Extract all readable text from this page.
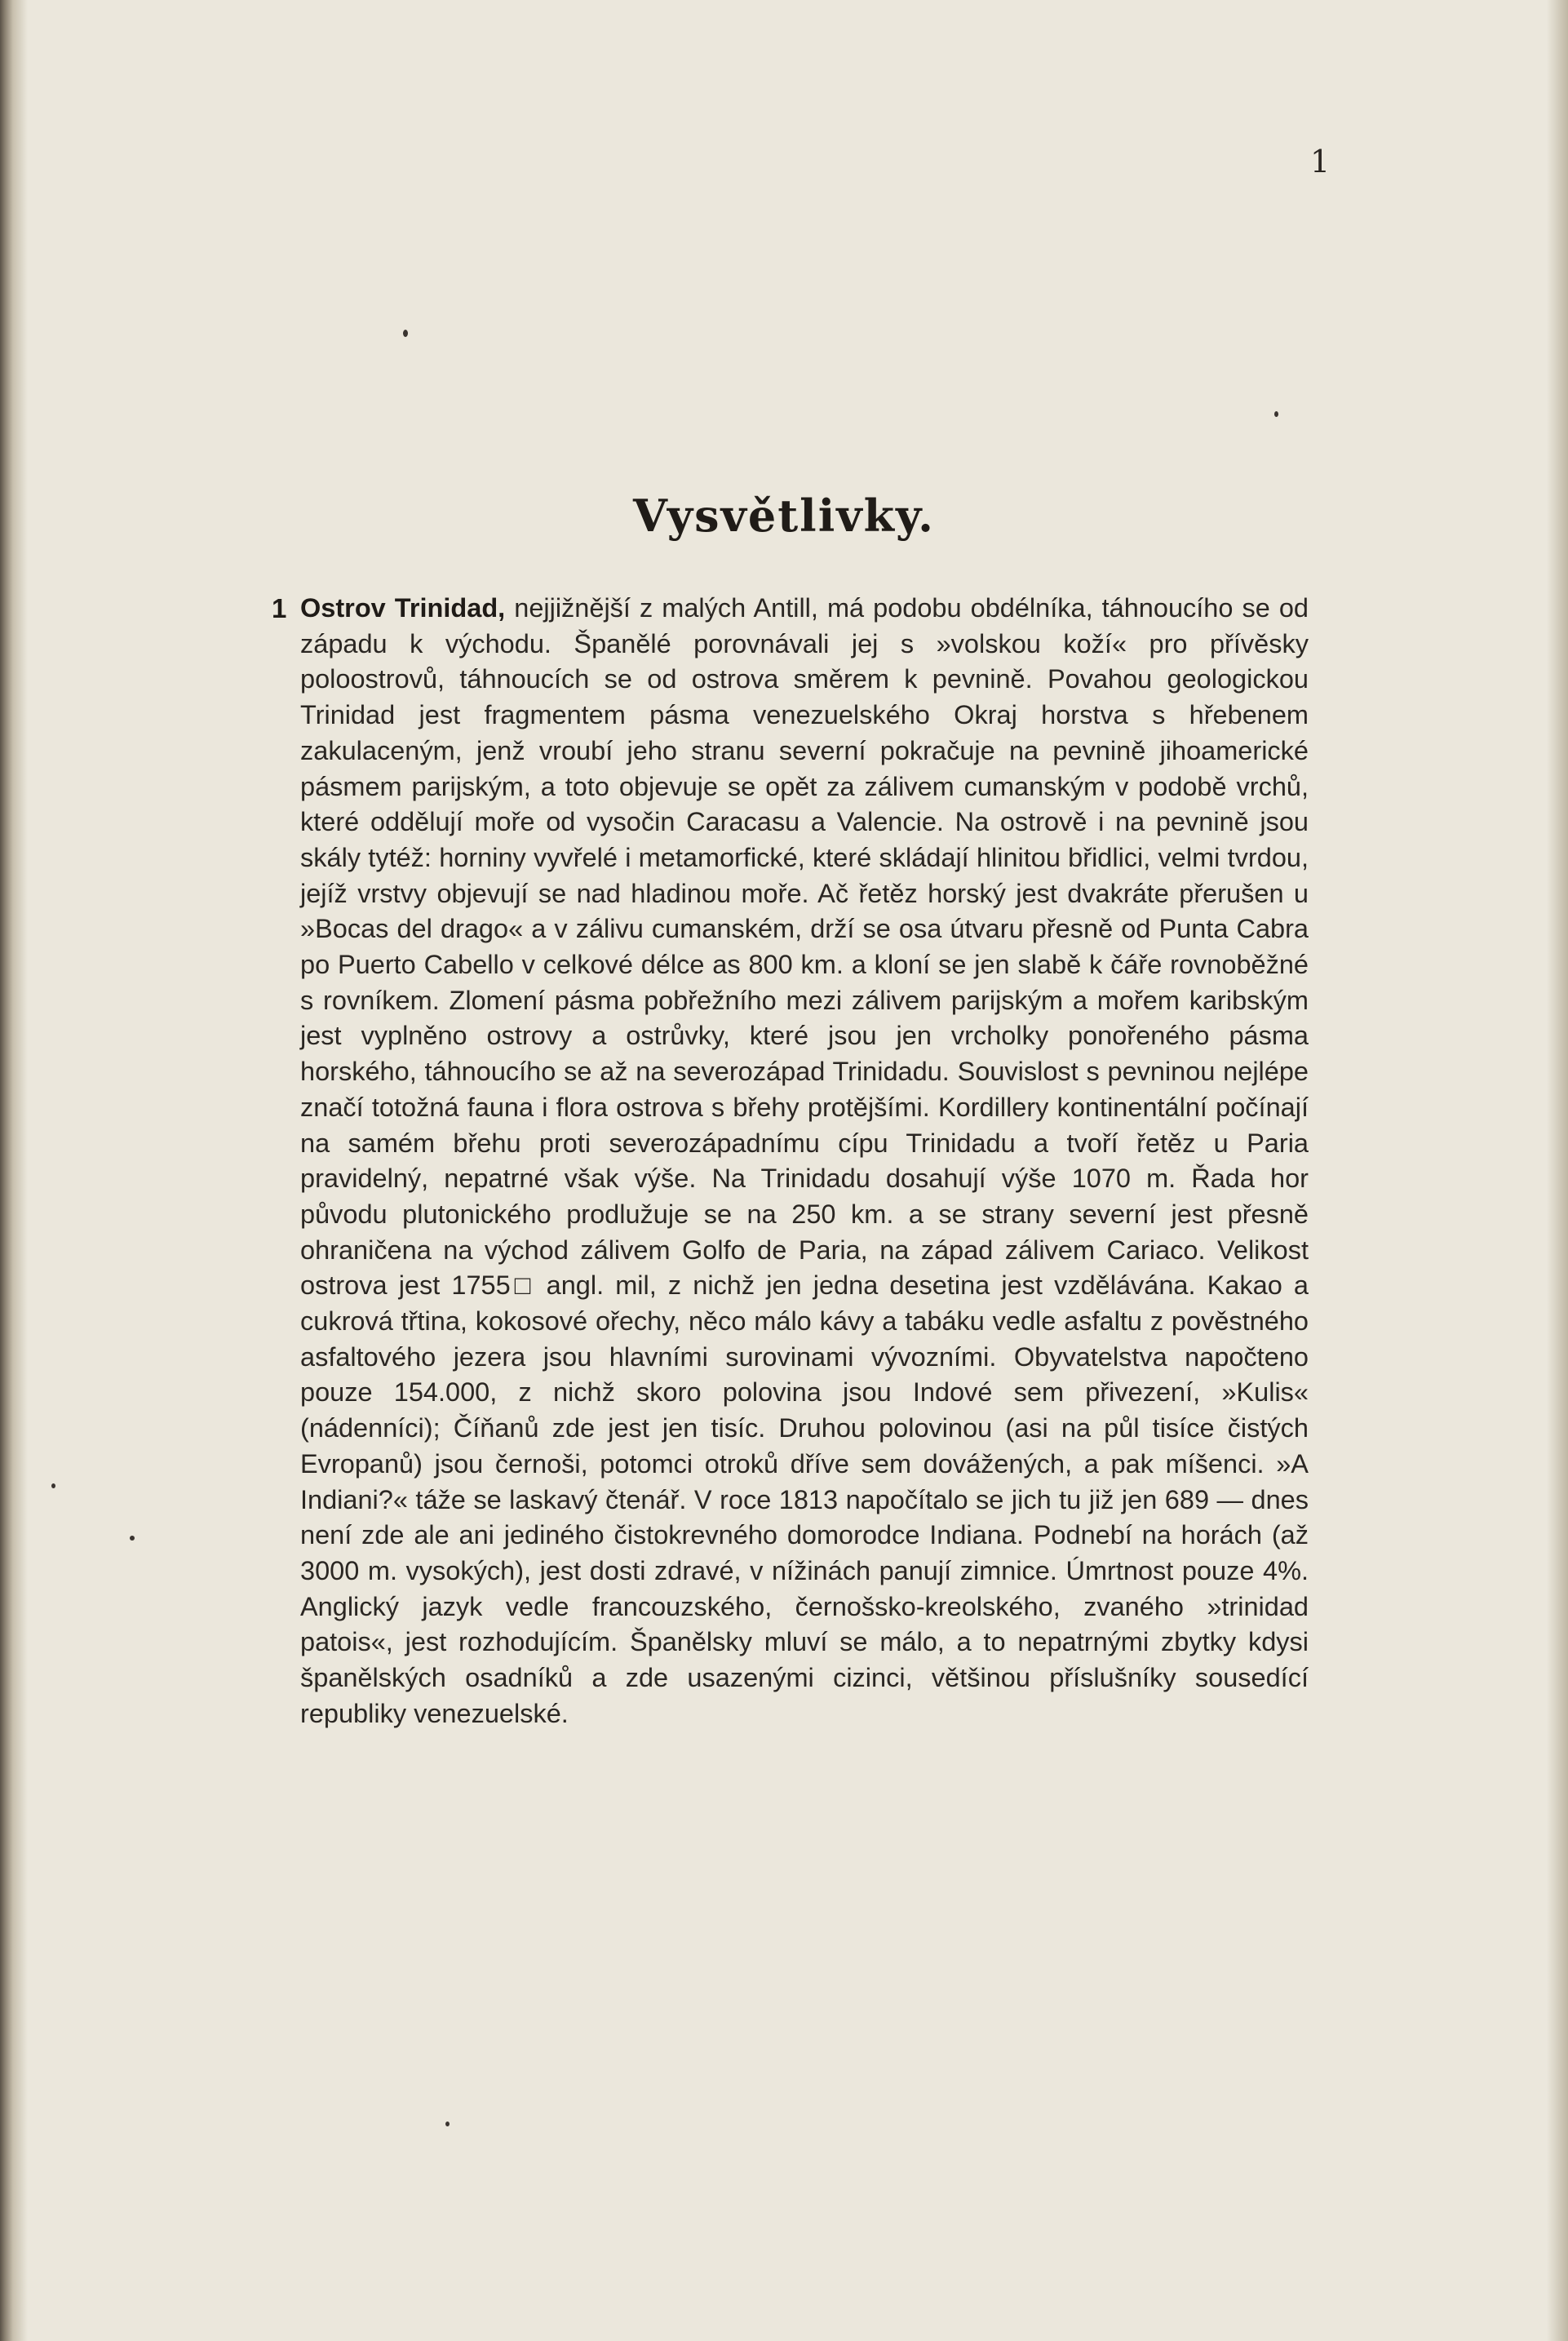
1
Vysvětlivky.
1 Ostrov Trinidad, nejjižnější z malých Antill, má podobu obdélníka, táhnoucího se od západu k východu. Španělé porovnávali jej s »volskou koží« pro přívěsky poloostrovů, táhnoucích se od ostrova směrem k pevnině. Povahou geologickou Trinidad jest fragmentem pásma venezuelského Okraj horstva s hřebenem zakulaceným, jenž vroubí jeho stranu severní pokračuje na pevnině jihoamerické pásmem parijským, a toto objevuje se opět za zálivem cumanským v podobě vrchů, které oddělují moře od vysočin Caracasu a Valencie. Na ostrově i na pevnině jsou skály tytéž: horniny vyvřelé i metamorfické, které skládají hlinitou břidlici, velmi tvrdou, jejíž vrstvy objevují se nad hladinou moře. Ač řetěz horský jest dvakráte přerušen u »Bocas del drago« a v zálivu cumanském, drží se osa útvaru přesně od Punta Cabra po Puerto Cabello v celkové délce as 800 km. a kloní se jen slabě k čáře rovnoběžné s rovníkem. Zlomení pásma pobřežního mezi zálivem parijským a mořem karibským jest vyplněno ostrovy a ostrůvky, které jsou jen vrcholky ponořeného pásma horského, táhnoucího se až na severozápad Trinidadu. Souvislost s pevninou nejlépe značí totožná fauna i flora ostrova s břehy protějšími. Kordillery kontinentální počínají na samém břehu proti severozápadnímu cípu Trinidadu a tvoří řetěz u Paria pravidelný, nepatrné však výše. Na Trinidadu dosahují výše 1070 m. Řada hor původu plutonického prodlužuje se na 250 km. a se strany severní jest přesně ohraničena na východ zálivem Golfo de Paria, na západ zálivem Cariaco. Velikost ostrova jest 1755□ angl. mil, z nichž jen jedna desetina jest vzdělávána. Kakao a cukrová třtina, kokosové ořechy, něco málo kávy a tabáku vedle asfaltu z pověstného asfaltového jezera jsou hlavními surovinami vývozními. Obyvatelstva napočteno pouze 154.000, z nichž skoro polovina jsou Indové sem přivezení, »Kulis« (nádenníci); Číňanů zde jest jen tisíc. Druhou polovinou (asi na půl tisíce čistých Evropanů) jsou černoši, potomci otroků dříve sem dovážených, a pak míšenci. »A Indiani?« táže se laskavý čtenář. V roce 1813 napočítalo se jich tu již jen 689 — dnes není zde ale ani jediného čistokrevného domorodce Indiana. Podnebí na horách (až 3000 m. vysokých), jest dosti zdravé, v nížinách panují zimnice. Úmrtnost pouze 4%. Anglický jazyk vedle francouzského, černošsko-kreolského, zvaného »trinidad patois«, jest rozhodujícím. Španělsky mluví se málo, a to nepatrnými zbytky kdysi španělských osadníků a zde usazenými cizinci, většinou příslušníky sousedící republiky venezuelské.
